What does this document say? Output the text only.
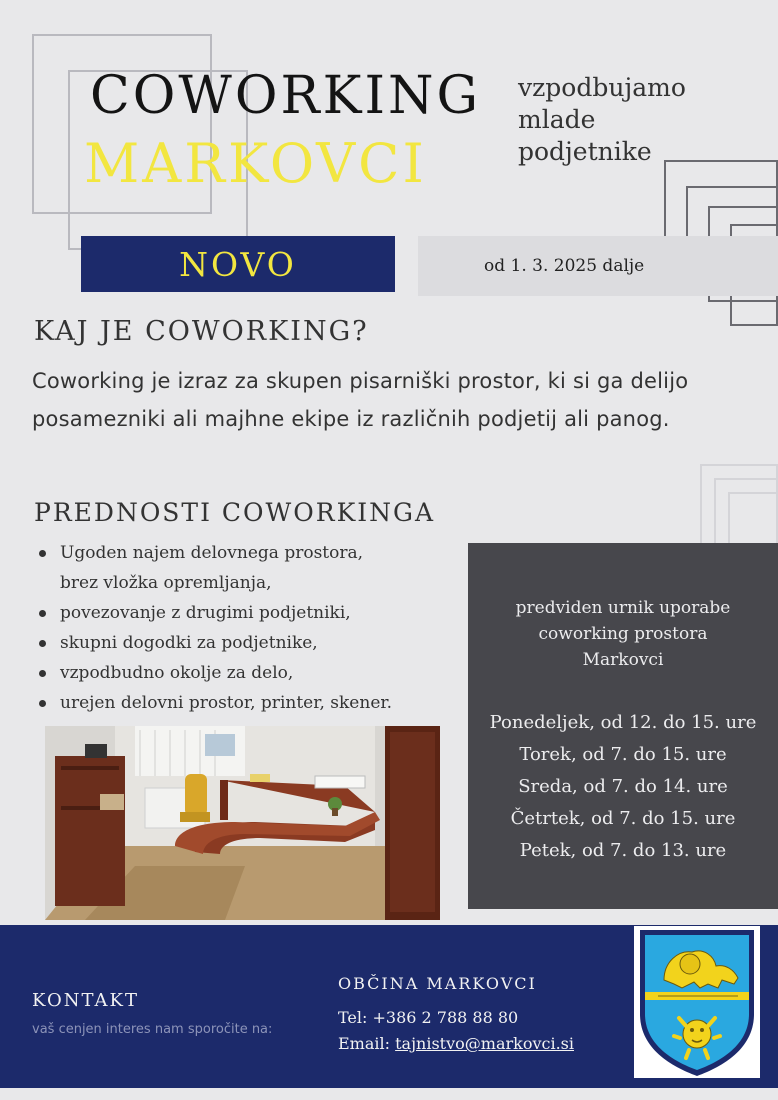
COWORKING
MARKOVCI
vzpodbujamo
mlade
podjetnike
NOVO	od 1. 3. 2025 dalje
KAJ JE COWORKING?
Coworking je izraz za skupen pisarniški prostor, ki si ga delijo posamezniki ali majhne ekipe iz različnih podjetij ali panog.
PREDNOSTI COWORKINGA
Ugoden najem delovnega prostora,
brez vložka opremljanja,
povezovanje z drugimi podjetniki,
skupni dogodki za podjetnike,
vzpodbudno okolje za delo,
urejen delovni prostor, printer, skener.
predviden urnik uporabe
coworking prostora
Markovci
Ponedeljek, od 12. do 15. ure
Torek, od 7. do 15. ure
Sreda, od 7. do 14. ure
Četrtek, od 7. do 15. ure
Petek, od 7. do 13. ure
KONTAKT
vaš cenjen interes nam sporočite na:
OBČINA MARKOVCI
Tel: +386 2 788 88 80
Email: tajnistvo@markovci.si
